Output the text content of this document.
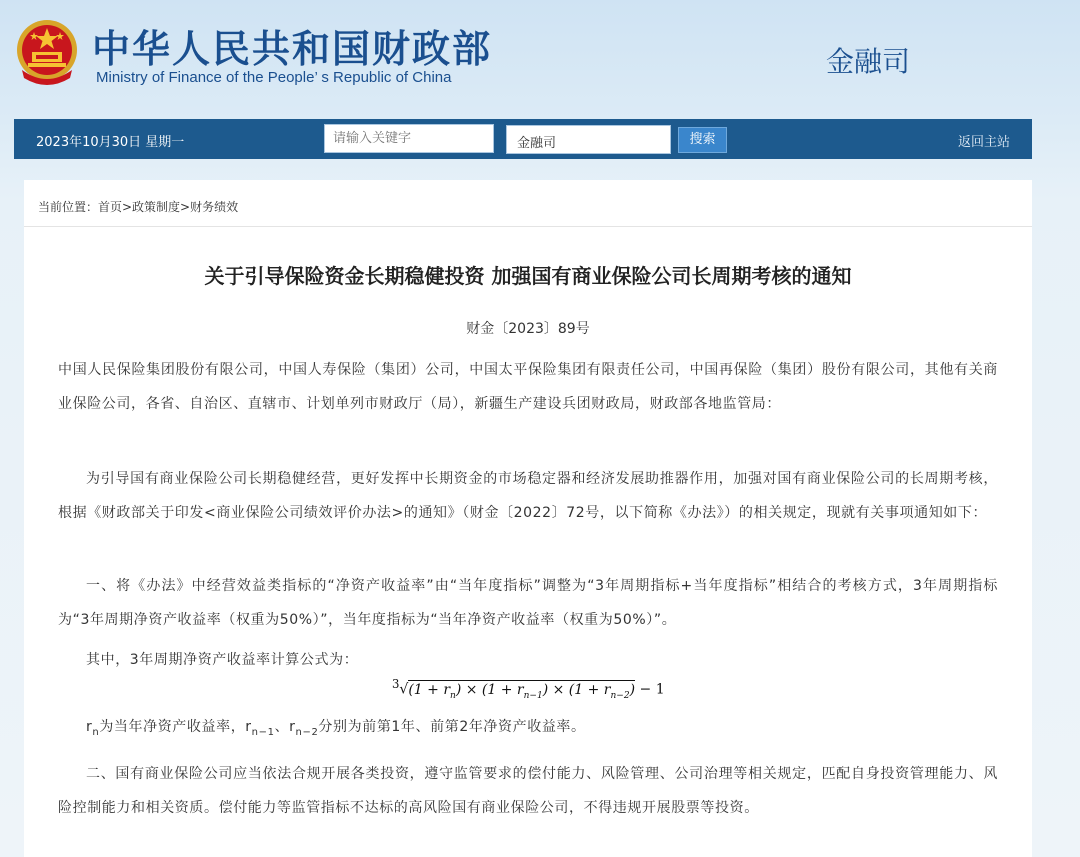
中华人民共和国财政部
Ministry of Finance of the People’ s Republic of China	金融司
2023年10月30日 星期一
请输入关键字	金融司	搜索	返回主站
当前位置：首页>政策制度>财务绩效
关于引导保险资金长期稳健投资 加强国有商业保险公司长周期考核的通知
财金〔2023〕89号
中国人民保险集团股份有限公司，中国人寿保险（集团）公司，中国太平保险集团有限责任公司，中国再保险（集团）股份有限公司，其他有关商业保险公司，各省、自治区、直辖市、计划单列市财政厅（局），新疆生产建设兵团财政局，财政部各地监管局：
为引导国有商业保险公司长期稳健经营，更好发挥中长期资金的市场稳定器和经济发展助推器作用，加强对国有商业保险公司的长周期考核，根据《财政部关于印发<商业保险公司绩效评价办法>的通知》（财金〔2022〕72号，以下简称《办法》）的相关规定，现就有关事项通知如下：
一、将《办法》中经营效益类指标的“净资产收益率”由“当年度指标”调整为“3年周期指标+当年度指标”相结合的考核方式，3年周期指标为“3年周期净资产收益率（权重为50%）”，当年度指标为“当年净资产收益率（权重为50%）”。
其中，3年周期净资产收益率计算公式为：
$^3√(1 + r_n) \times (1 + r_{n-1}) \times (1 + r_{n-2}) - 1$
$r_n$为当年净资产收益率，$r_{n-1}$、$r_{n-2}$分别为前第1年、前第2年净资产收益率。
二、国有商业保险公司应当依法合规开展各类投资，遵守监管要求的偿付能力、风险管理、公司治理等相关规定，匹配自身投资管理能力、风险控制能力和相关资质。偿付能力等监管指标不达标的高风险国有商业保险公司，不得违规开展股票等投资。
